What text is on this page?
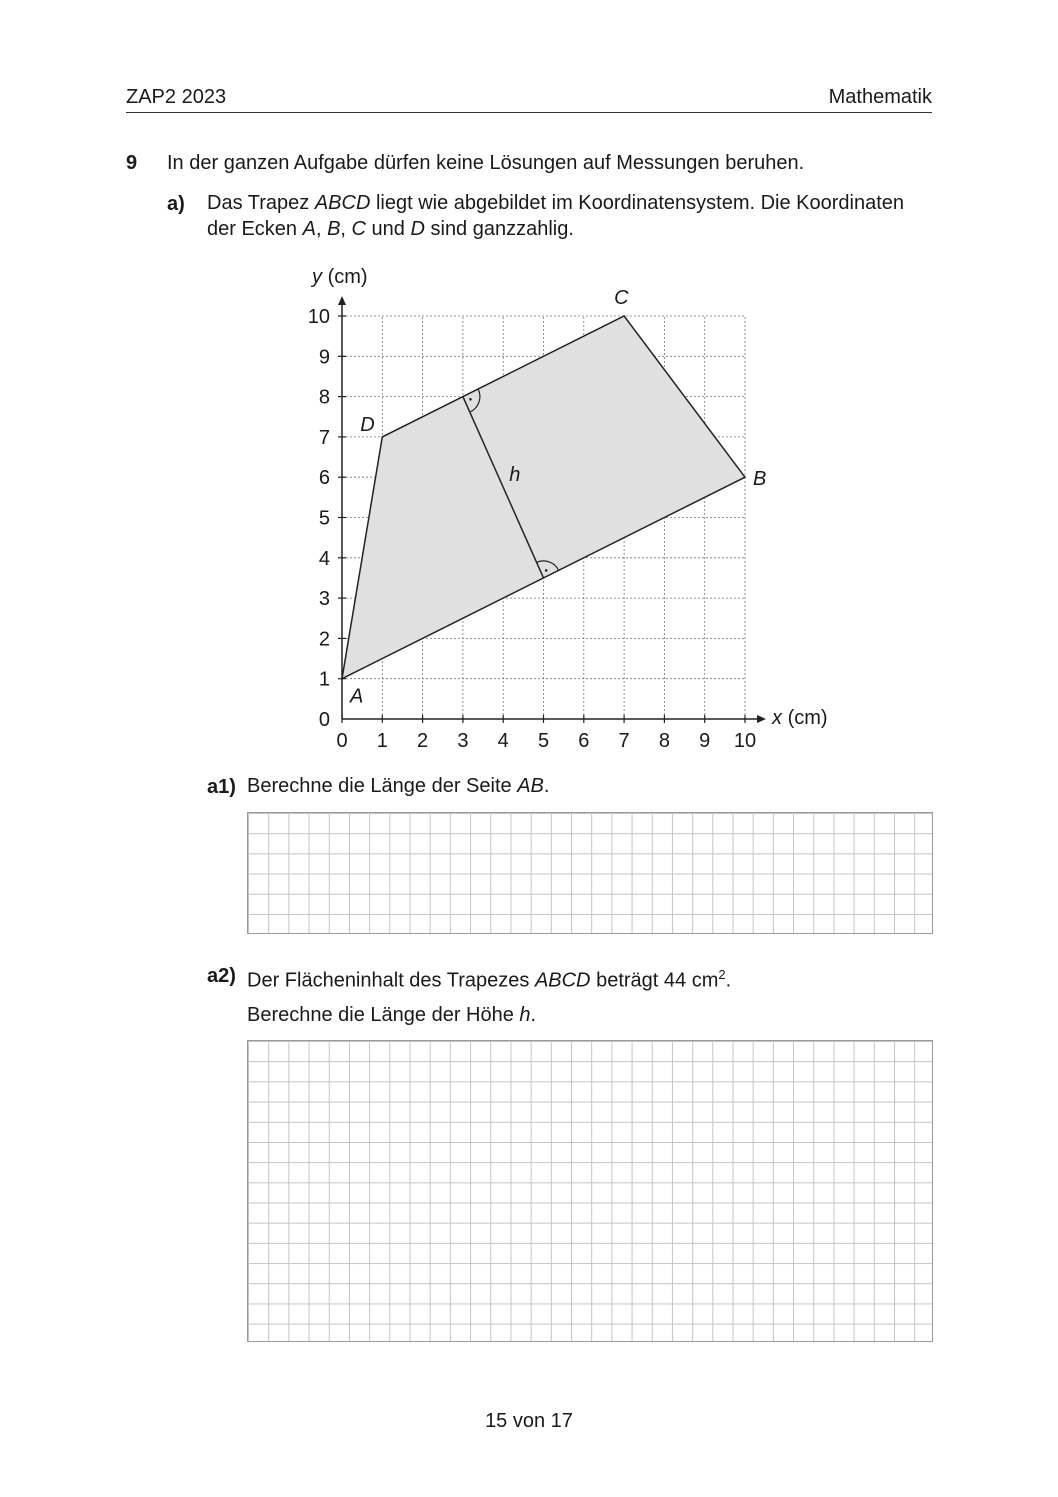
ZAP2 2023	Mathematik
9 In der ganzen Aufgabe dürfen keine Lösungen auf Messungen beruhen.
a) Das Trapez ABCD liegt wie abgebildet im Koordinatensystem. Die Koordinaten
der Ecken A, B, C und D sind ganzzahlig.
0 1 2 3 4 5 6 7 8 9 10
0
1
2
3
4
5
6
7
8
9
10
y (cm)
x (cm)
A
B
C
D
h
a1) Berechne die Länge der Seite AB.
a2) Der Flächeninhalt des Trapezes ABCD beträgt 44 $cm^2$.
Berechne die Länge der Höhe h.
15 von 17
